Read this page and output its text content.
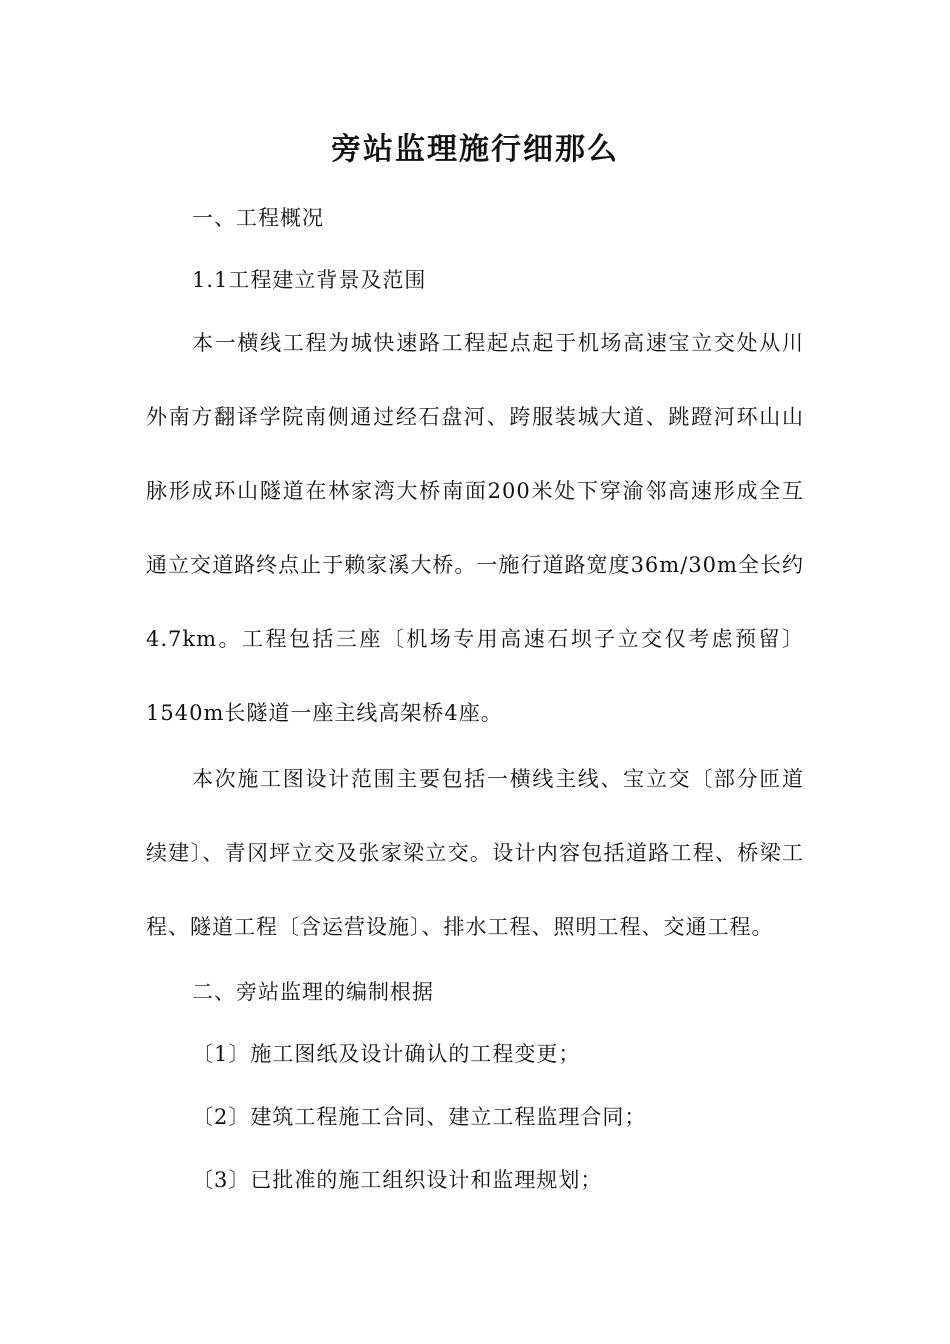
旁站监理施行细那么
一、工程概况
1.1工程建立背景及范围
本一横线工程为城快速路工程起点起于机场高速宝立交处从川外南方翻译学院南侧通过经石盘河、跨服装城大道、跳蹬河环山山脉形成环山隧道在林家湾大桥南面200米处下穿渝邻高速形成全互通立交道路终点止于赖家溪大桥。一施行道路宽度36m/30m全长约4.7km。工程包括三座〔机场专用高速石坝子立交仅考虑预留〕1540m长隧道一座主线高架桥4座。
本次施工图设计范围主要包括一横线主线、宝立交〔部分匝道续建〕、青冈坪立交及张家梁立交。设计内容包括道路工程、桥梁工程、隧道工程〔含运营设施〕、排水工程、照明工程、交通工程。
二、旁站监理的编制根据
〔1〕施工图纸及设计确认的工程变更；
〔2〕建筑工程施工合同、建立工程监理合同；
〔3〕已批准的施工组织设计和监理规划；
